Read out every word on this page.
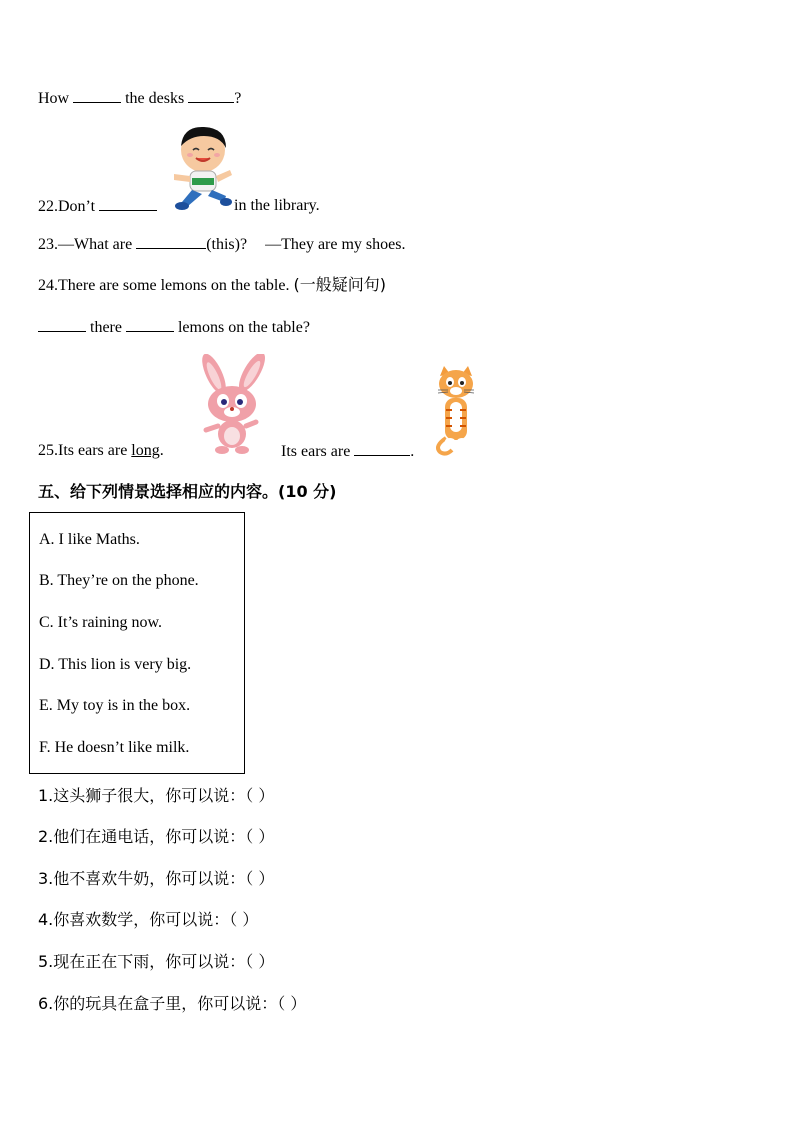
How	the desks	?
22.Don’t	in the library.
23.—What are	(this)? —They are my shoes.
24.There are some lemons on the table. (一般疑问句)
there	lemons on the table?
25.Its ears are long.	Its ears are	.
五、给下列情景选择相应的内容。(10 分)
A. I like Maths.
B. They’re on the phone.
C. It’s raining now.
D. This lion is very big.
E. My toy is in the box.
F. He doesn’t like milk.
1.这头狮子很大，你可以说：（ ）
2.他们在通电话，你可以说：（ ）
3.他不喜欢牛奶，你可以说：（ ）
4.你喜欢数学，你可以说：（ ）
5.现在正在下雨，你可以说：（ ）
6.你的玩具在盒子里，你可以说：（ ）
